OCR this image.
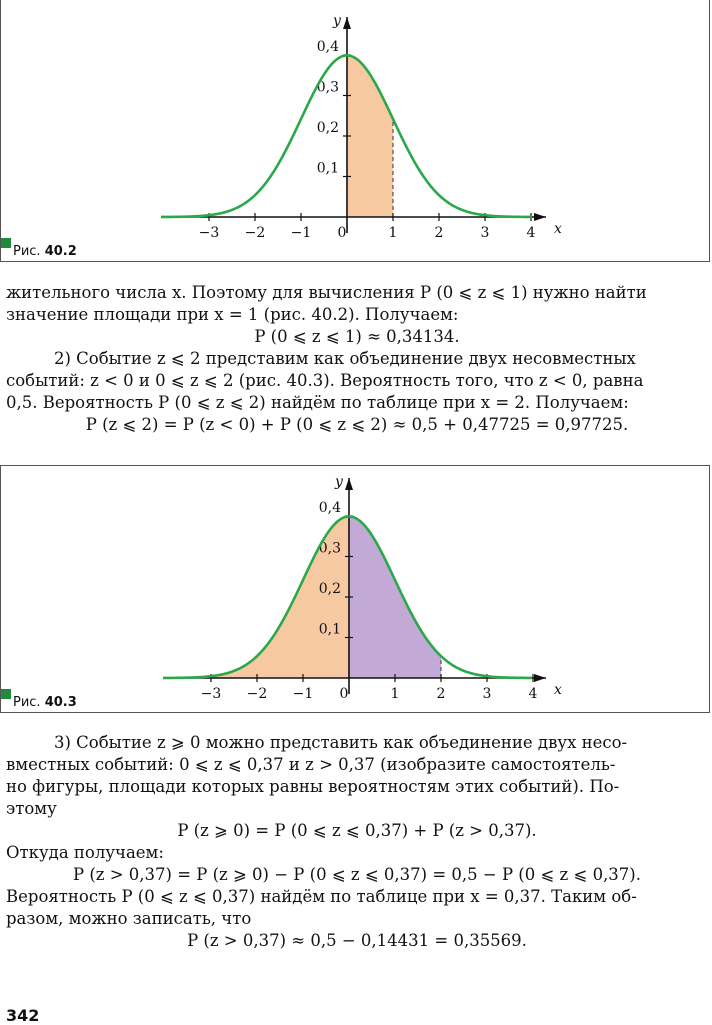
0,1
0,2
0,3
0,4
−3 −2 −1 0	1	2	3	4 x
y
Рис. 40.2
жительного числа x. Поэтому для вычисления P (0 ⩽ z ⩽ 1) нужно найти
значение площади при x = 1 (рис. 40.2). Получаем:
P (0 ⩽ z ⩽ 1) ≈ 0,34134.
2) Событие z ⩽ 2 представим как объединение двух несовместных
событий: z < 0 и 0 ⩽ z ⩽ 2 (рис. 40.3). Вероятность того, что z < 0, равна
0,5. Вероятность P (0 ⩽ z ⩽ 2) найдём по таблице при x = 2. Получаем:
P (z ⩽ 2) = P (z < 0) + P (0 ⩽ z ⩽ 2) ≈ 0,5 + 0,47725 = 0,97725.
0,1
0,2
0,3
0,4
−3 −2 −1 0	1	2	3	4 x
y
Рис. 40.3
3) Событие z ⩾ 0 можно представить как объединение двух несо-
вместных событий: 0 ⩽ z ⩽ 0,37 и z > 0,37 (изобразите самостоятель-
но фигуры, площади которых равны вероятностям этих событий). По-
этому
P (z ⩾ 0) = P (0 ⩽ z ⩽ 0,37) + P (z > 0,37).
Откуда получаем:
P (z > 0,37) = P (z ⩾ 0) − P (0 ⩽ z ⩽ 0,37) = 0,5 − P (0 ⩽ z ⩽ 0,37).
Вероятность P (0 ⩽ z ⩽ 0,37) найдём по таблице при x = 0,37. Таким об-
разом, можно записать, что
P (z > 0,37) ≈ 0,5 − 0,14431 = 0,35569.
342
